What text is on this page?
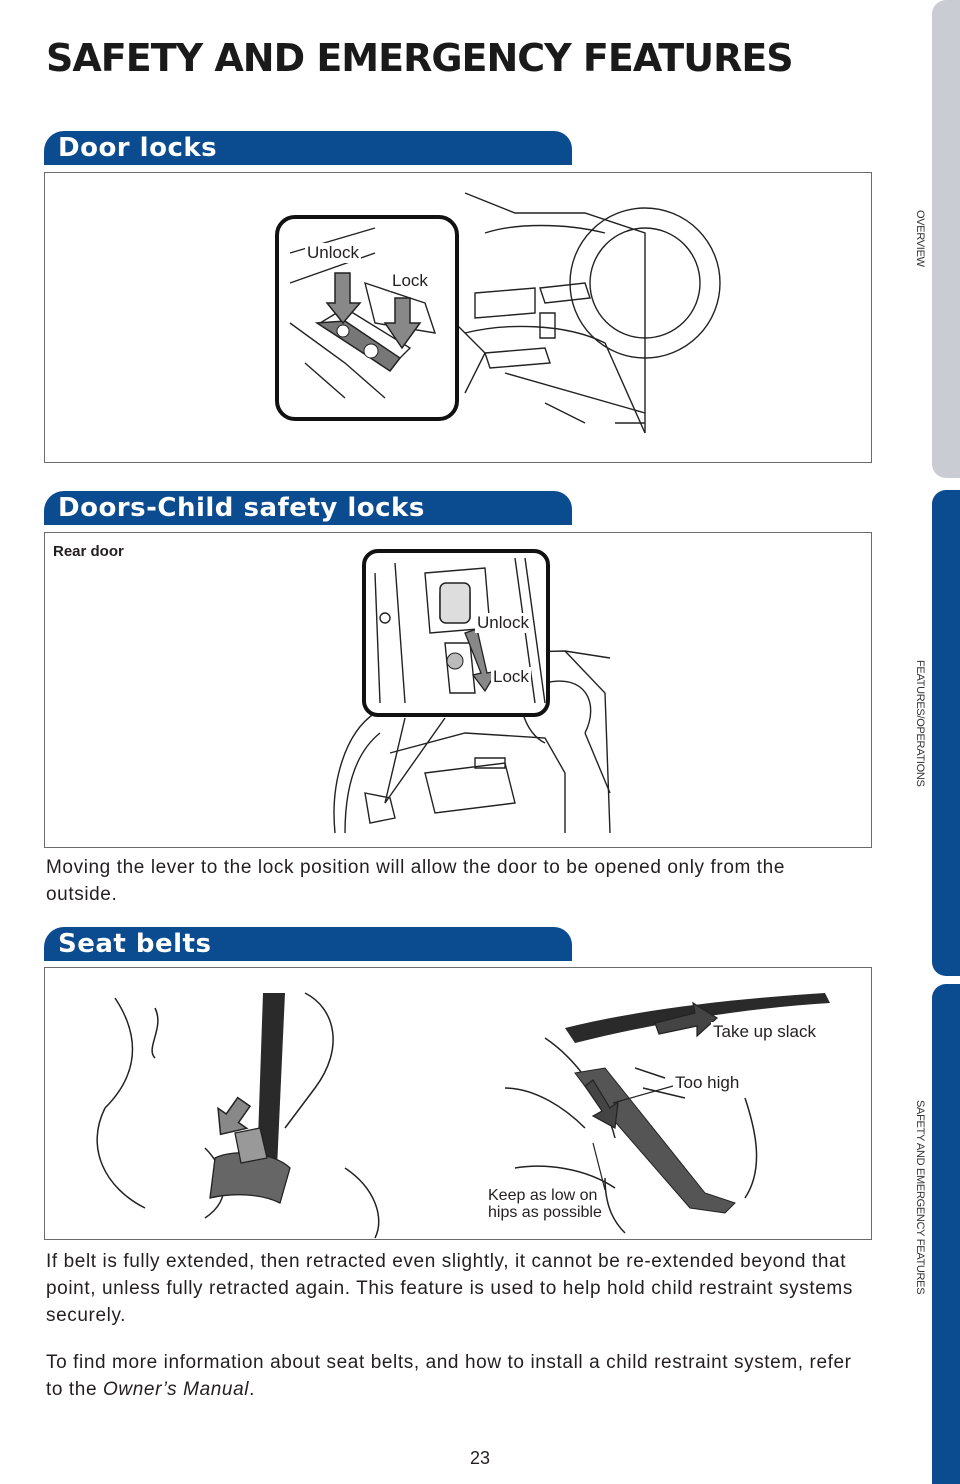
SAFETY AND EMERGENCY FEATURES
Door locks
Unlock
Lock
Doors-Child safety locks
Rear door
Unlock
Lock
Moving the lever to the lock position will allow the door to be opened only from the outside.
Seat belts
Take up slack
Too high
Keep as low on
hips as possible
If belt is fully extended, then retracted even slightly, it cannot be re-extended beyond that point, unless fully retracted again. This feature is used to help hold child restraint systems securely.
To find more information about seat belts, and how to install a child restraint system, refer to the Owner’s Manual.
OVERVIEW
FEATURES/OPERATIONS
SAFETY AND EMERGENCY FEATURES
23
